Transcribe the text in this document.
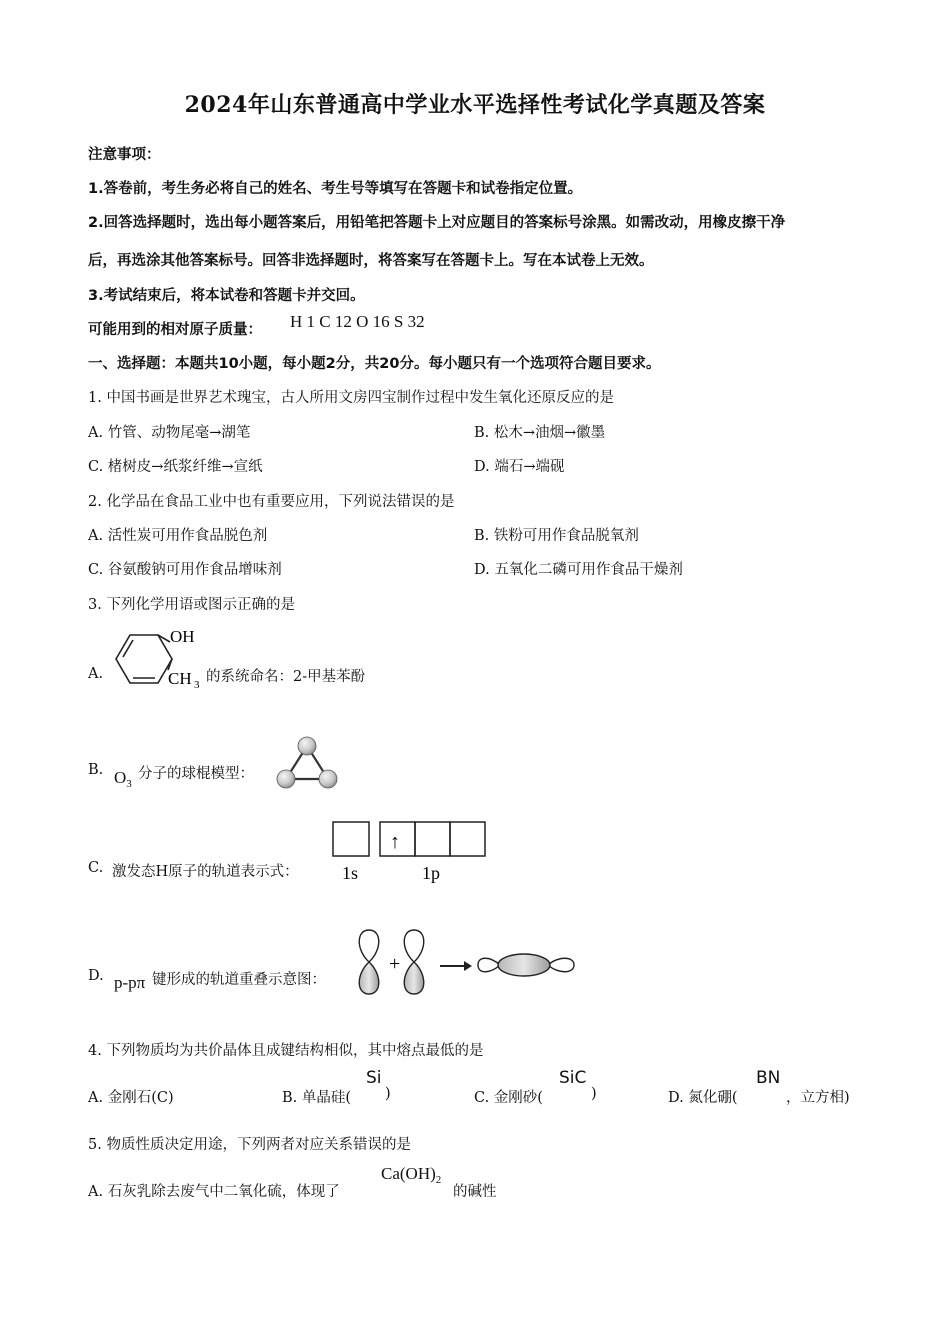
2024年山东普通高中学业水平选择性考试化学真题及答案
注意事项：
1.答卷前，考生务必将自己的姓名、考生号等填写在答题卡和试卷指定位置。
2.回答选择题时，选出每小题答案后，用铅笔把答题卡上对应题目的答案标号涂黑。如需改动，用橡皮擦干净
后，再选涂其他答案标号。回答非选择题时，将答案写在答题卡上。写在本试卷上无效。
3.考试结束后，将本试卷和答题卡并交回。
可能用到的相对原子质量： H 1 C 12 O 16 S 32
一、选择题：本题共10小题，每小题2分，共20分。每小题只有一个选项符合题目要求。
1. 中国书画是世界艺术瑰宝，古人所用文房四宝制作过程中发生氧化还原反应的是
A. 竹管、动物尾毫→湖笔	B. 松木→油烟→徽墨
C. 楮树皮→纸浆纤维→宣纸	D. 端石→端砚
2. 化学品在食品工业中也有重要应用，下列说法错误的是
A. 活性炭可用作食品脱色剂	B. 铁粉可用作食品脱氧剂
C. 谷氨酸钠可用作食品增味剂	D. 五氧化二磷可用作食品干燥剂
3. 下列化学用语或图示正确的是
A.
OH
CH 3 的系统命名：2-甲基苯酚
B. $O_3$
分子的球棍模型：
C. 激发态H原子的轨道表示式：
↑
1s	1p
D. p-pπ 键形成的轨道重叠示意图：
+
4. 下列物质均为共价晶体且成键结构相似，其中熔点最低的是
A. 金刚石(C)	B. 单晶硅(
Si
)	C. 金刚砂(
SiC
)	D. 氮化硼(
BN
，立方相)
5. 物质性质决定用途，下列两者对应关系错误的是
A. 石灰乳除去废气中二氧化硫，体现了
$Ca(OH)_2$
的碱性
